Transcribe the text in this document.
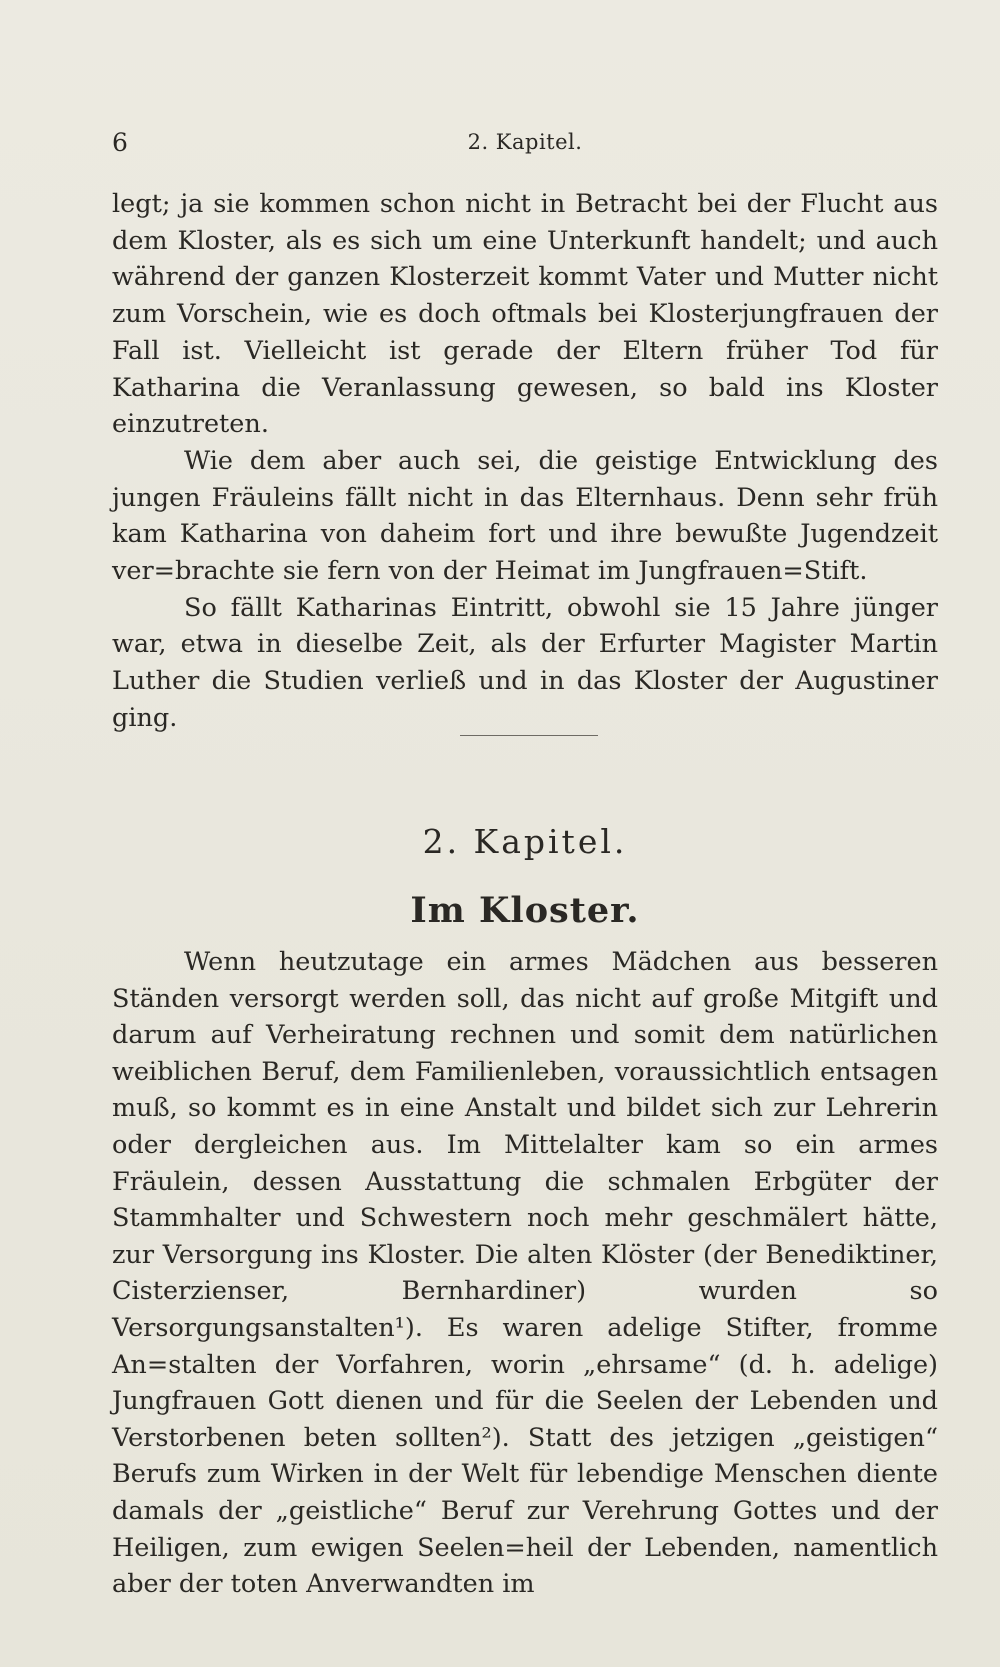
6	2. Kapitel.

legt; ja sie kommen schon nicht in Betracht bei der Flucht aus dem Kloster, als es sich um eine Unterkunft handelt; und auch während der ganzen Klosterzeit kommt Vater und Mutter nicht zum Vorschein, wie es doch oftmals bei Klosterjungfrauen der Fall ist. Vielleicht ist gerade der Eltern früher Tod für Katharina die Veranlassung gewesen, so bald ins Kloster einzutreten.

Wie dem aber auch sei, die geistige Entwicklung des jungen Fräuleins fällt nicht in das Elternhaus. Denn sehr früh kam Katharina von daheim fort und ihre bewußte Jugendzeit ver=brachte sie fern von der Heimat im Jungfrauen=Stift.

So fällt Katharinas Eintritt, obwohl sie 15 Jahre jünger war, etwa in dieselbe Zeit, als der Erfurter Magister Martin Luther die Studien verließ und in das Kloster der Augustiner ging.

2. Kapitel.
Im Kloster.

Wenn heutzutage ein armes Mädchen aus besseren Ständen versorgt werden soll, das nicht auf große Mitgift und darum auf Verheiratung rechnen und somit dem natürlichen weiblichen Beruf, dem Familienleben, voraussichtlich entsagen muß, so kommt es in eine Anstalt und bildet sich zur Lehrerin oder dergleichen aus. Im Mittelalter kam so ein armes Fräulein, dessen Ausstattung die schmalen Erbgüter der Stammhalter und Schwestern noch mehr geschmälert hätte, zur Versorgung ins Kloster. Die alten Klöster (der Benediktiner, Cisterzienser, Bernhardiner) wurden so Versorgungsanstalten¹). Es waren adelige Stifter, fromme An=stalten der Vorfahren, worin „ehrsame“ (d. h. adelige) Jungfrauen Gott dienen und für die Seelen der Lebenden und Verstorbenen beten sollten²). Statt des jetzigen „geistigen“ Berufs zum Wirken in der Welt für lebendige Menschen diente damals der „geistliche“ Beruf zur Verehrung Gottes und der Heiligen, zum ewigen Seelen=heil der Lebenden, namentlich aber der toten Anverwandten im
